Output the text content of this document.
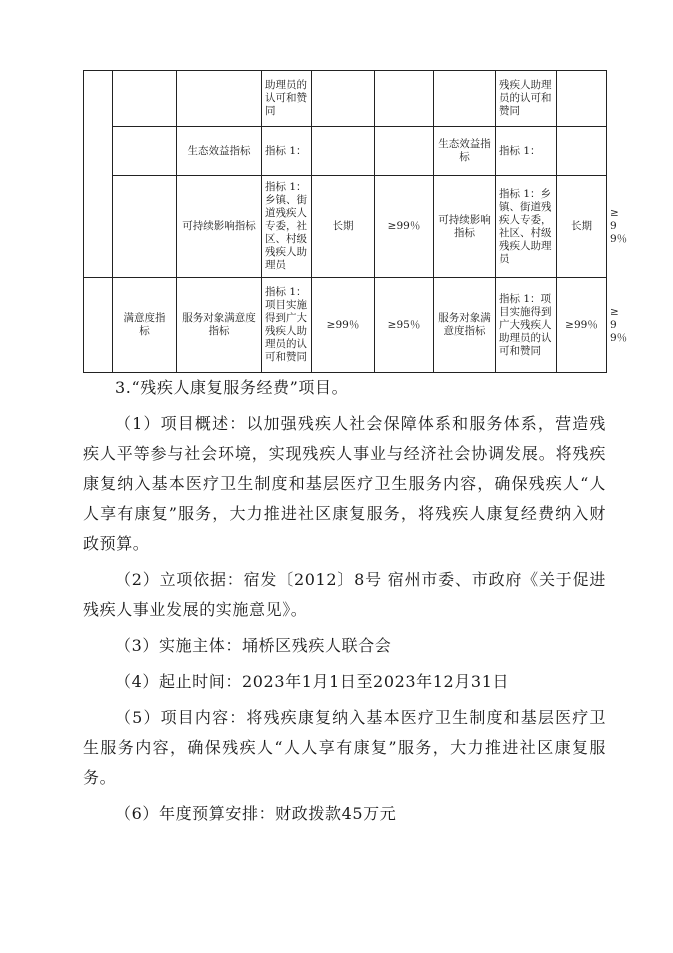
			助理员的认可和赞同				残疾人助理员的认可和赞同		
		生态效益指标	指标 1：			生态效益指标	指标 1：		
		可持续影响指标	指标 1：乡镇、街道残疾人专委，社区、村级残疾人助理员	长期	≥99％	可持续影响指标	指标 1：乡镇、街道残疾人专委，社区、村级残疾人助理员	长期	≥99％
	满意度指标	服务对象满意度指标	指标 1：项目实施得到广大残疾人助理员的认可和赞同	≥99％	≥95％	服务对象满意度指标	指标 1：项目实施得到广大残疾人助理员的认可和赞同	≥99％	≥99％

3.“残疾人康复服务经费”项目。

（1）项目概述：以加强残疾人社会保障体系和服务体系，营造残疾人平等参与社会环境，实现残疾人事业与经济社会协调发展。将残疾康复纳入基本医疗卫生制度和基层医疗卫生服务内容，确保残疾人“人人享有康复”服务，大力推进社区康复服务，将残疾人康复经费纳入财政预算。

（2）立项依据：宿发〔2012〕8号 宿州市委、市政府《关于促进残疾人事业发展的实施意见》。

（3）实施主体：埇桥区残疾人联合会

（4）起止时间：2023年1月1日至2023年12月31日

（5）项目内容：将残疾康复纳入基本医疗卫生制度和基层医疗卫生服务内容，确保残疾人“人人享有康复”服务，大力推进社区康复服务。

（6）年度预算安排：财政拨款45万元
